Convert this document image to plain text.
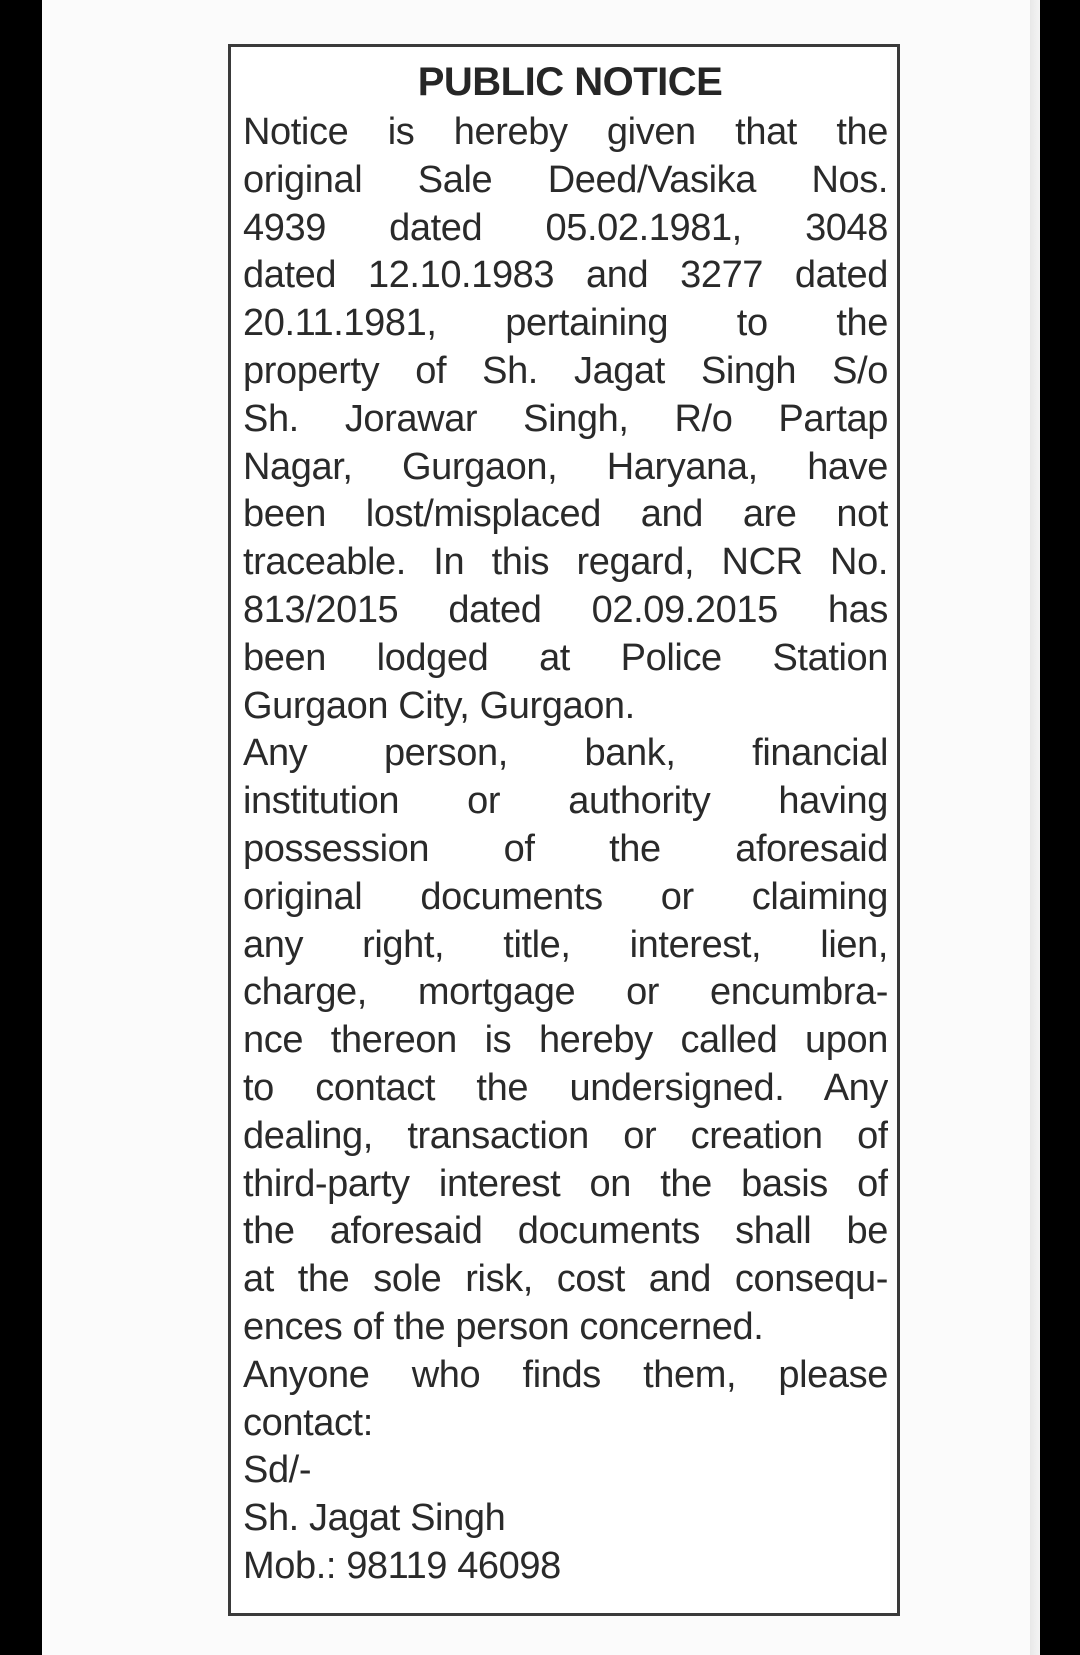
PUBLIC NOTICE
Notice is hereby given that the
original Sale Deed/Vasika Nos.
4939 dated 05.02.1981, 3048
dated 12.10.1983 and 3277 dated
20.11.1981, pertaining to the
property of Sh. Jagat Singh S/o
Sh. Jorawar Singh, R/o Partap
Nagar, Gurgaon, Haryana, have
been lost/misplaced and are not
traceable. In this regard, NCR No.
813/2015 dated 02.09.2015 has
been lodged at Police Station
Gurgaon City, Gurgaon.
Any person, bank, financial
institution or authority having
possession of the aforesaid
original documents or claiming
any right, title, interest, lien,
charge, mortgage or encumbra-
nce thereon is hereby called upon
to contact the undersigned. Any
dealing, transaction or creation of
third-party interest on the basis of
the aforesaid documents shall be
at the sole risk, cost and consequ-
ences of the person concerned.
Anyone who finds them, please
contact:
Sd/-
Sh. Jagat Singh
Mob.: 98119 46098
